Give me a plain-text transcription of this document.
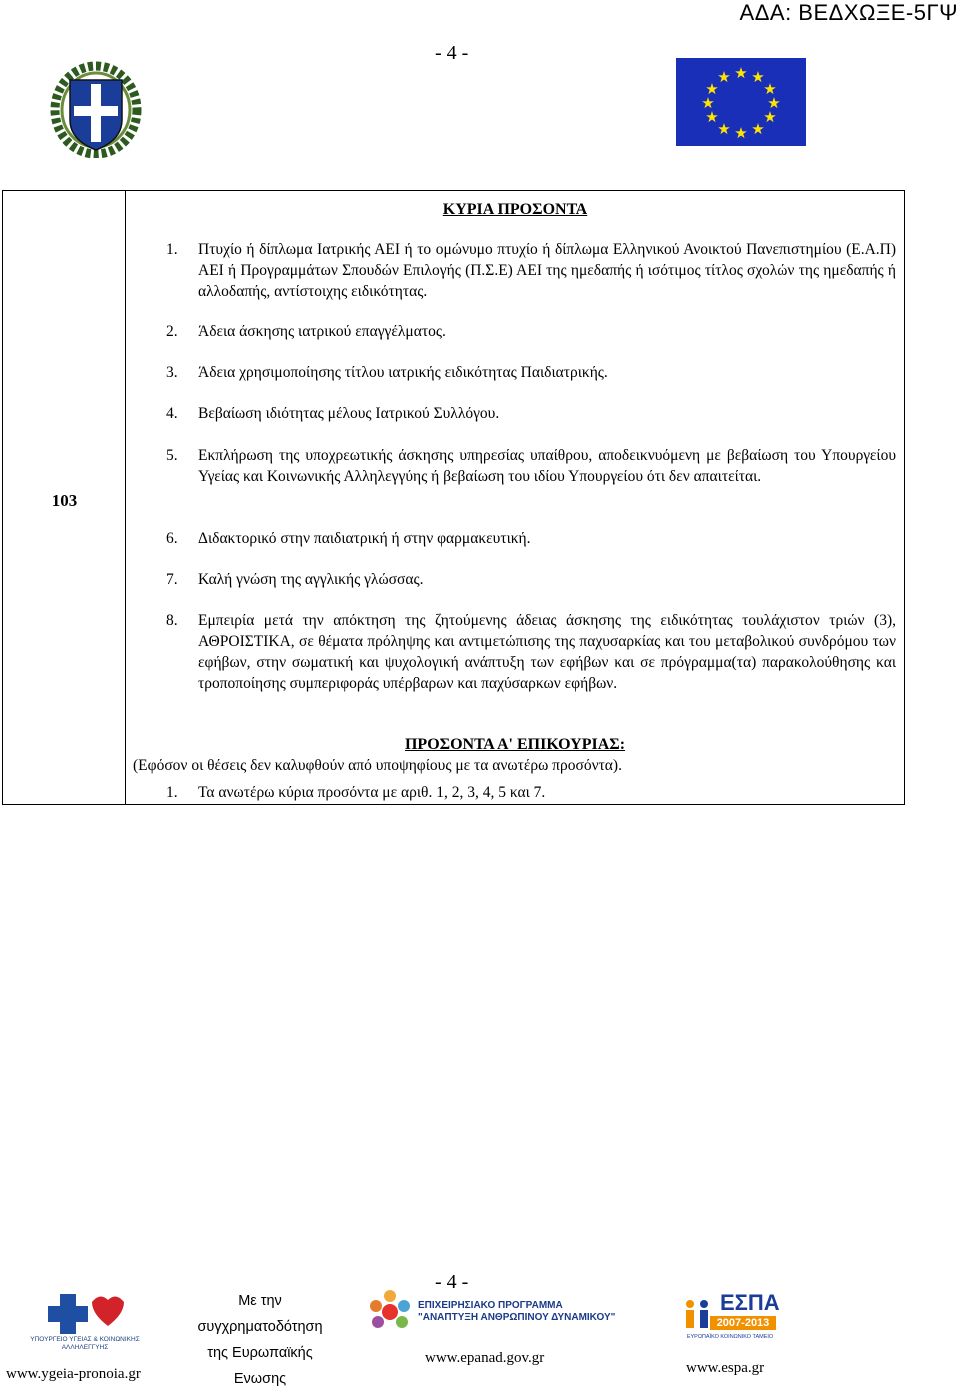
ΑΔΑ: ΒΕΔΧΩΞΕ-5ΓΨ
- 4 -
★ ★
★
★
★
★
★
★
★
★
★
★
103
ΚΥΡΙΑ ΠΡΟΣΟΝΤΑ
1. Πτυχίο ή δίπλωμα Ιατρικής ΑΕΙ ή το ομώνυμο πτυχίο ή δίπλωμα Ελληνικού Ανοικτού Πανεπιστημίου (Ε.Α.Π) ΑΕΙ ή Προγραμμάτων Σπουδών Επιλογής (Π.Σ.Ε) ΑΕΙ της ημεδαπής ή ισότιμος τίτλος σχολών της ημεδαπής ή αλλοδαπής, αντίστοιχης ειδικότητας.
2. Άδεια άσκησης ιατρικού επαγγέλματος.
3. Άδεια χρησιμοποίησης τίτλου ιατρικής ειδικότητας Παιδιατρικής.
4. Βεβαίωση ιδιότητας μέλους Ιατρικού Συλλόγου.
5. Εκπλήρωση της υποχρεωτικής άσκησης υπηρεσίας υπαίθρου, αποδεικνυόμενη με βεβαίωση του Υπουργείου Υγείας και Κοινωνικής Αλληλεγγύης ή βεβαίωση του ιδίου Υπουργείου ότι δεν απαιτείται.
6. Διδακτορικό στην παιδιατρική ή στην φαρμακευτική.
7. Καλή γνώση της αγγλικής γλώσσας.
8. Εμπειρία μετά την απόκτηση της ζητούμενης άδειας άσκησης της ειδικότητας τουλάχιστον τριών (3), ΑΘΡΟΙΣΤΙΚΑ, σε θέματα πρόληψης και αντιμετώπισης της παχυσαρκίας και του μεταβολικού συνδρόμου των εφήβων, στην σωματική και ψυχολογική ανάπτυξη των εφήβων και σε πρόγραμμα(τα) παρακολούθησης και τροποποίησης συμπεριφοράς υπέρβαρων και παχύσαρκων εφήβων.
ΠΡΟΣΟΝΤΑ Α' ΕΠΙΚΟΥΡΙΑΣ:
(Εφόσον οι θέσεις δεν καλυφθούν από υποψηφίους με τα ανωτέρω προσόντα).
1. Τα ανωτέρω κύρια προσόντα με αριθ. 1, 2, 3, 4, 5 και 7.
- 4 -
ΥΠΟΥΡΓΕΙΟ ΥΓΕΙΑΣ & ΚΟΙΝΩΝΙΚΗΣ ΑΛΛΗΛΕΓΓΥΗΣ
www.ygeia-pronoia.gr
Με την
συγχρηματοδότηση
της Ευρωπαϊκής
Ενωσης
ΕΠΙΧΕΙΡΗΣΙΑΚΟ ΠΡΟΓΡΑΜΜΑ
"ΑΝΑΠΤΥΞΗ ΑΝΘΡΩΠΙΝΟΥ ΔΥΝΑΜΙΚΟΥ"
www.epanad.gov.gr
ΕΣΠΑ
2007-2013
ΕΥΡΩΠΑΪΚΟ ΚΟΙΝΩΝΙΚΟ ΤΑΜΕΙΟ
www.espa.gr
